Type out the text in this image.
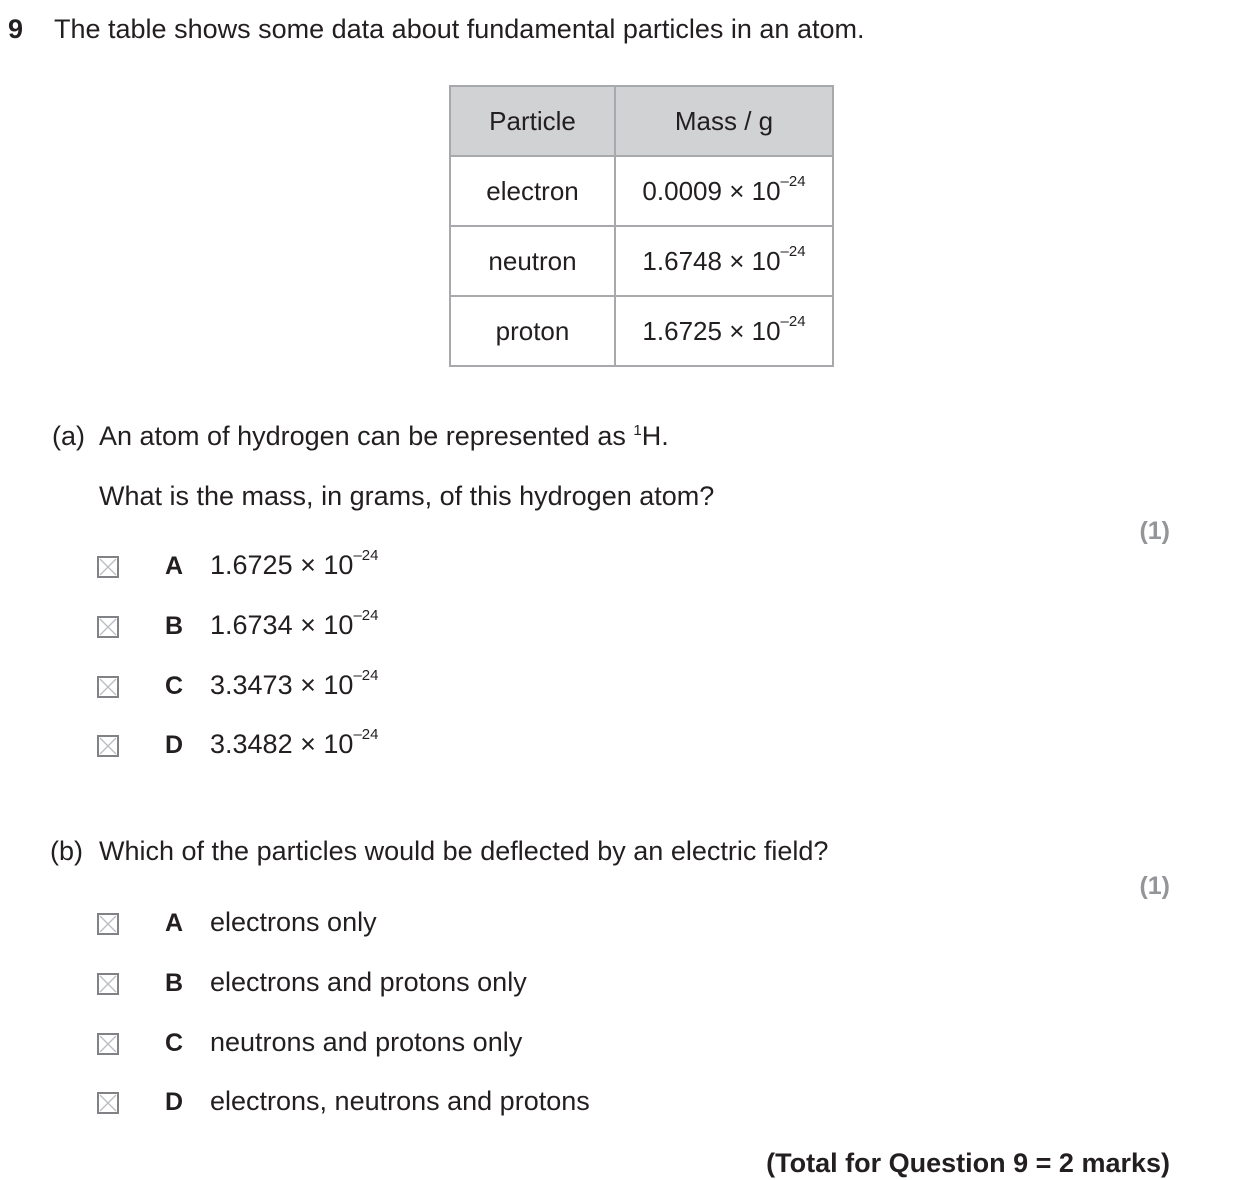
9 The table shows some data about fundamental particles in an atom.
Particle	Mass / g
electron	$0.0009 \times 10^{-24}$
neutron	$1.6748 \times 10^{-24}$
proton	$1.6725 \times 10^{-24}$
(a) An atom of hydrogen can be represented as $^1$H.
What is the mass, in grams, of this hydrogen atom?
(1)
A $1.6725 \times 10^{-24}$
B $1.6734 \times 10^{-24}$
C $3.3473 \times 10^{-24}$
D $3.3482 \times 10^{-24}$
(b) Which of the particles would be deflected by an electric field?
(1)
A electrons only
B electrons and protons only
C neutrons and protons only
D electrons, neutrons and protons
(Total for Question 9 = 2 marks)
